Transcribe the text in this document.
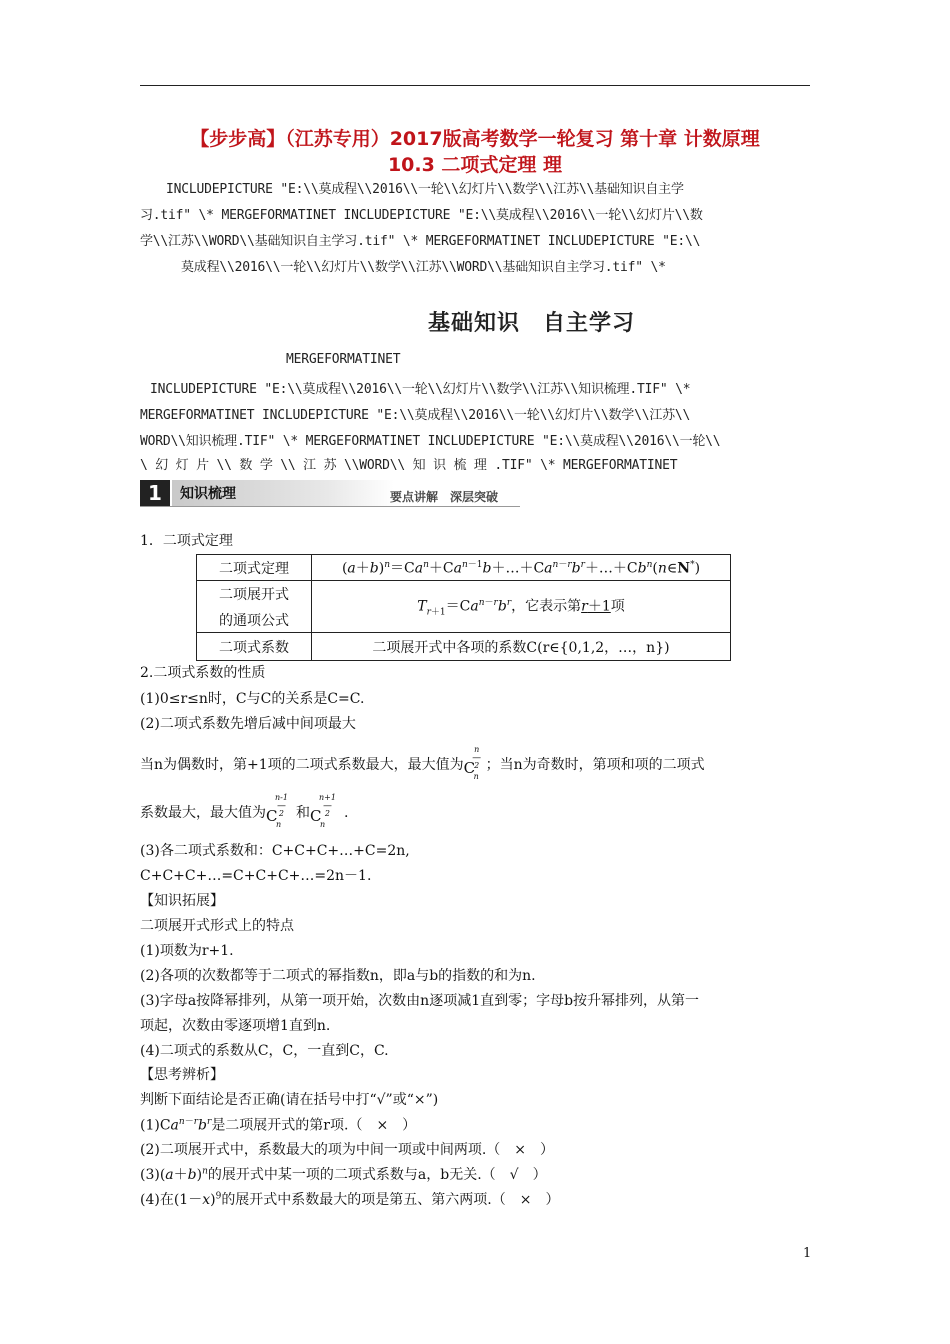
【步步高】（江苏专用）2017版高考数学一轮复习 第十章 计数原理
10.3 二项式定理 理
INCLUDEPICTURE "E:\\莫成程\\2016\\一轮\\幻灯片\\数学\\江苏\\基础知识自主学
习.tif" \* MERGEFORMATINET INCLUDEPICTURE "E:\\莫成程\\2016\\一轮\\幻灯片\\数
学\\江苏\\WORD\\基础知识自主学习.tif" \* MERGEFORMATINET INCLUDEPICTURE "E:\\
莫成程\\2016\\一轮\\幻灯片\\数学\\江苏\\WORD\\基础知识自主学习.tif" \*
基础知识　自主学习
MERGEFORMATINET
INCLUDEPICTURE "E:\\莫成程\\2016\\一轮\\幻灯片\\数学\\江苏\\知识梳理.TIF" \*
MERGEFORMATINET INCLUDEPICTURE "E:\\莫成程\\2016\\一轮\\幻灯片\\数学\\江苏\\
WORD\\知识梳理.TIF" \* MERGEFORMATINET INCLUDEPICTURE "E:\\莫成程\\2016\\一轮\\
\ 幻 灯 片 \\ 数 学 \\ 江 苏 \\WORD\\ 知 识 梳 理 .TIF" \* MERGEFORMATINET
1	知识梳理	要点讲解　深层突破
1．二项式定理
二项式定理	$(a+b)^n=Ca^n+Ca^{n-1}b+\dots+Ca^{n-r}b^r+\dots+Cb^n(n\in N^*)$

二项展开式
的通项公式	$T_{r+1}=Ca^{n-r}b^r$，它表示第r＋1项
二项式系数	二项展开式中各项的系数C(r∈{0,1,2，…，n})
2.二项式系数的性质
(1)0≤r≤n时，C与C的关系是C=C.
(2)二项式系数先增后减中间项最大
当n为偶数时，第+1项的二项式系数最大，最大值为 C
n
―
2
n
；当n为奇数时，第项和项的二项式
系数最大，最大值为 C
n-1
―
2
n
和 C
n+1
―
2
n
.
(3)各二项式系数和：C+C+C+…+C=2n,
C+C+C+…=C+C+C+…=2n－1.
【知识拓展】
二项展开式形式上的特点
(1)项数为r+1.
(2)各项的次数都等于二项式的幂指数n，即a与b的指数的和为n.
(3)字母a按降幂排列，从第一项开始，次数由n逐项减1直到零；字母b按升幂排列，从第一
项起，次数由零逐项增1直到n.
(4)二项式的系数从C，C，一直到C，C.
【思考辨析】
判断下面结论是否正确(请在括号中打“√”或“×”)
$(1)Ca^{n-r}b^r$是二项展开式的第r项.（　×　）
(2)二项展开式中，系数最大的项为中间一项或中间两项.（　×　）
$(3)(a+b)^n$的展开式中某一项的二项式系数与a，b无关.（　√　）
(4)在$(1-x)^9$的展开式中系数最大的项是第五、第六两项.（　×　）
1
